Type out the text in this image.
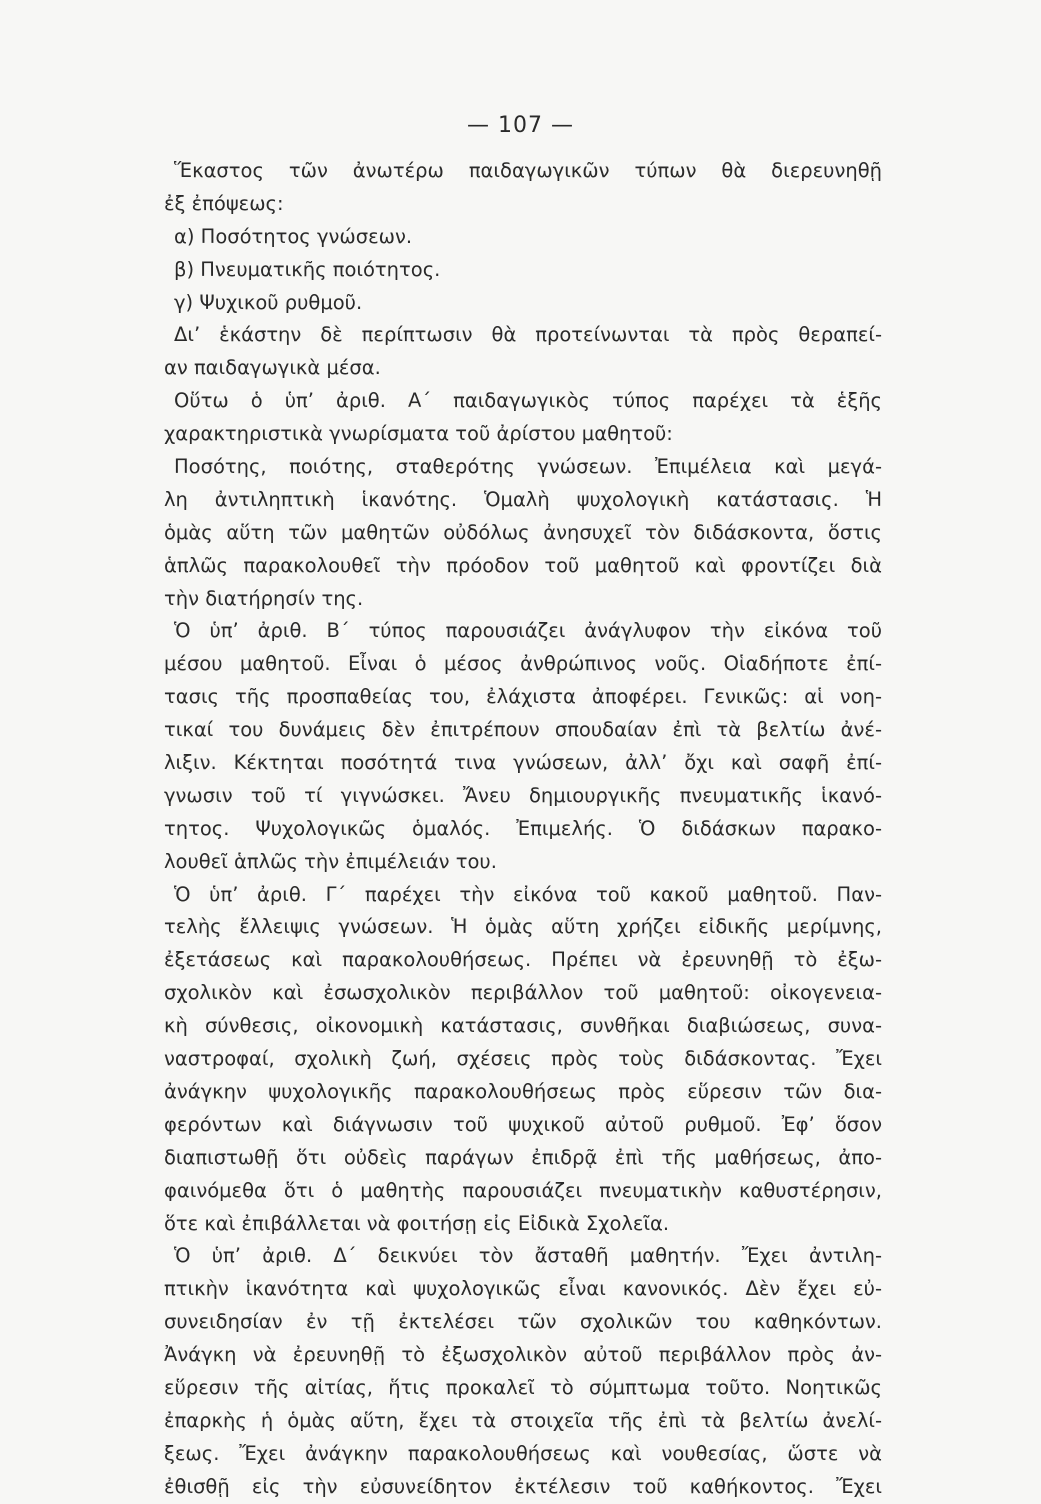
— 107 —
Ἕκαστος τῶν ἀνωτέρω παιδαγωγικῶν τύπων θὰ διερευνηθῇ
ἐξ ἐπόψεως:
α) Ποσότητος γνώσεων.
β) Πνευματικῆς ποιότητος.
γ) Ψυχικοῦ ρυθμοῦ.
Δι’ ἑκάστην δὲ περίπτωσιν θὰ προτείνωνται τὰ πρὸς θεραπεί-
αν παιδαγωγικὰ μέσα.
Οὕτω ὁ ὑπ’ ἀριθ. Α΄ παιδαγωγικὸς τύπος παρέχει τὰ ἑξῆς
χαρακτηριστικὰ γνωρίσματα τοῦ ἀρίστου μαθητοῦ:
Ποσότης, ποιότης, σταθερότης γνώσεων. Ἐπιμέλεια καὶ μεγά-
λη ἀντιληπτικὴ ἱκανότης. Ὁμαλὴ ψυχολογικὴ κατάστασις. Ἡ
ὁμὰς αὕτη τῶν μαθητῶν οὐδόλως ἀνησυχεῖ τὸν διδάσκοντα, ὅστις
ἁπλῶς παρακολουθεῖ τὴν πρόοδον τοῦ μαθητοῦ καὶ φροντίζει διὰ
τὴν διατήρησίν της.
Ὁ ὑπ’ ἀριθ. Β΄ τύπος παρουσιάζει ἀνάγλυφον τὴν εἰκόνα τοῦ
μέσου μαθητοῦ. Εἶναι ὁ μέσος ἀνθρώπινος νοῦς. Οἱαδήποτε ἐπί-
τασις τῆς προσπαθείας του, ἐλάχιστα ἀποφέρει. Γενικῶς: αἱ νοη-
τικαί του δυνάμεις δὲν ἐπιτρέπουν σπουδαίαν ἐπὶ τὰ βελτίω ἀνέ-
λιξιν. Κέκτηται ποσότητά τινα γνώσεων, ἀλλ’ ὄχι καὶ σαφῆ ἐπί-
γνωσιν τοῦ τί γιγνώσκει. Ἄνευ δημιουργικῆς πνευματικῆς ἱκανό-
τητος. Ψυχολογικῶς ὁμαλός. Ἐπιμελής. Ὁ διδάσκων παρακο-
λουθεῖ ἁπλῶς τὴν ἐπιμέλειάν του.
Ὁ ὑπ’ ἀριθ. Γ΄ παρέχει τὴν εἰκόνα τοῦ κακοῦ μαθητοῦ. Παν-
τελὴς ἔλλειψις γνώσεων. Ἡ ὁμὰς αὕτη χρήζει εἰδικῆς μερίμνης,
ἐξετάσεως καὶ παρακολουθήσεως. Πρέπει νὰ ἐρευνηθῇ τὸ ἐξω-
σχολικὸν καὶ ἐσωσχολικὸν περιβάλλον τοῦ μαθητοῦ: οἰκογενεια-
κὴ σύνθεσις, οἰκονομικὴ κατάστασις, συνθῆκαι διαβιώσεως, συνα-
ναστροφαί, σχολικὴ ζωή, σχέσεις πρὸς τοὺς διδάσκοντας. Ἔχει
ἀνάγκην ψυχολογικῆς παρακολουθήσεως πρὸς εὕρεσιν τῶν δια-
φερόντων καὶ διάγνωσιν τοῦ ψυχικοῦ αὐτοῦ ρυθμοῦ. Ἐφ’ ὅσον
διαπιστωθῇ ὅτι οὐδεὶς παράγων ἐπιδρᾷ ἐπὶ τῆς μαθήσεως, ἀπο-
φαινόμεθα ὅτι ὁ μαθητὴς παρουσιάζει πνευματικὴν καθυστέρησιν,
ὅτε καὶ ἐπιβάλλεται νὰ φοιτήσῃ εἰς Εἰδικὰ Σχολεῖα.
Ὁ ὑπ’ ἀριθ. Δ΄ δεικνύει τὸν ἄσταθῆ μαθητήν. Ἔχει ἀντιλη-
πτικὴν ἱκανότητα καὶ ψυχολογικῶς εἶναι κανονικός. Δὲν ἔχει εὐ-
συνειδησίαν ἐν τῇ ἐκτελέσει τῶν σχολικῶν του καθηκόντων.
Ἀνάγκη νὰ ἐρευνηθῇ τὸ ἐξωσχολικὸν αὐτοῦ περιβάλλον πρὸς ἀν-
εὕρεσιν τῆς αἰτίας, ἥτις προκαλεῖ τὸ σύμπτωμα τοῦτο. Νοητικῶς
ἐπαρκὴς ἡ ὁμὰς αὕτη, ἔχει τὰ στοιχεῖα τῆς ἐπὶ τὰ βελτίω ἀνελί-
ξεως. Ἔχει ἀνάγκην παρακολουθήσεως καὶ νουθεσίας, ὥστε νὰ
ἐθισθῇ εἰς τὴν εὐσυνείδητον ἐκτέλεσιν τοῦ καθήκοντος. Ἔχει
